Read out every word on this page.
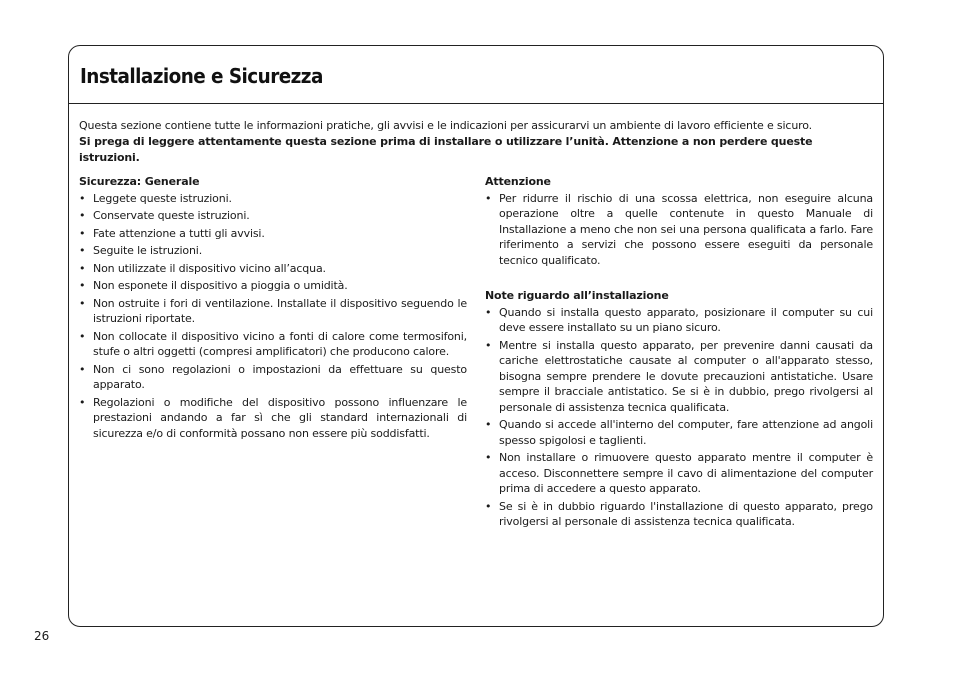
Installazione e Sicurezza

Questa sezione contiene tutte le informazioni pratiche, gli avvisi e le indicazioni per assicurarvi un ambiente di lavoro efficiente e sicuro.

Si prega di leggere attentamente questa sezione prima di installare o utilizzare l’unità. Attenzione a non perdere queste istruzioni.

Sicurezza: Generale
• Leggete queste istruzioni.
• Conservate queste istruzioni.
• Fate attenzione a tutti gli avvisi.
• Seguite le istruzioni.
• Non utilizzate il dispositivo vicino all’acqua.
• Non esponete il dispositivo a pioggia o umidità.
• Non ostruite i fori di ventilazione. Installate il dispositivo seguendo le istruzioni riportate.
• Non collocate il dispositivo vicino a fonti di calore come termosifoni, stufe o altri oggetti (compresi amplificatori) che producono calore.
• Non ci sono regolazioni o impostazioni da effettuare su questo apparato.
• Regolazioni o modifiche del dispositivo possono influenzare le prestazioni andando a far sì che gli standard internazionali di sicurezza e/o di conformità possano non essere più soddisfatti.
Attenzione
• Per ridurre il rischio di una scossa elettrica, non eseguire alcuna operazione oltre a quelle contenute in questo Manuale di Installazione a meno che non sei una persona qualificata a farlo. Fare riferimento a servizi che possono essere eseguiti da personale tecnico qualificato.
Note riguardo all’installazione
• Quando si installa questo apparato, posizionare il computer su cui deve essere installato su un piano sicuro.
• Mentre si installa questo apparato, per prevenire danni causati da cariche elettrostatiche causate al computer o all'apparato stesso, bisogna sempre prendere le dovute precauzioni antistatiche. Usare sempre il bracciale antistatico. Se si è in dubbio, prego rivolgersi al personale di assistenza tecnica qualificata.
• Quando si accede all'interno del computer, fare attenzione ad angoli spesso spigolosi e taglienti.
• Non installare o rimuovere questo apparato mentre il computer è acceso. Disconnettere sempre il cavo di alimentazione del computer prima di accedere a questo apparato.
• Se si è in dubbio riguardo l'installazione di questo apparato, prego rivolgersi al personale di assistenza tecnica qualificata.
26
